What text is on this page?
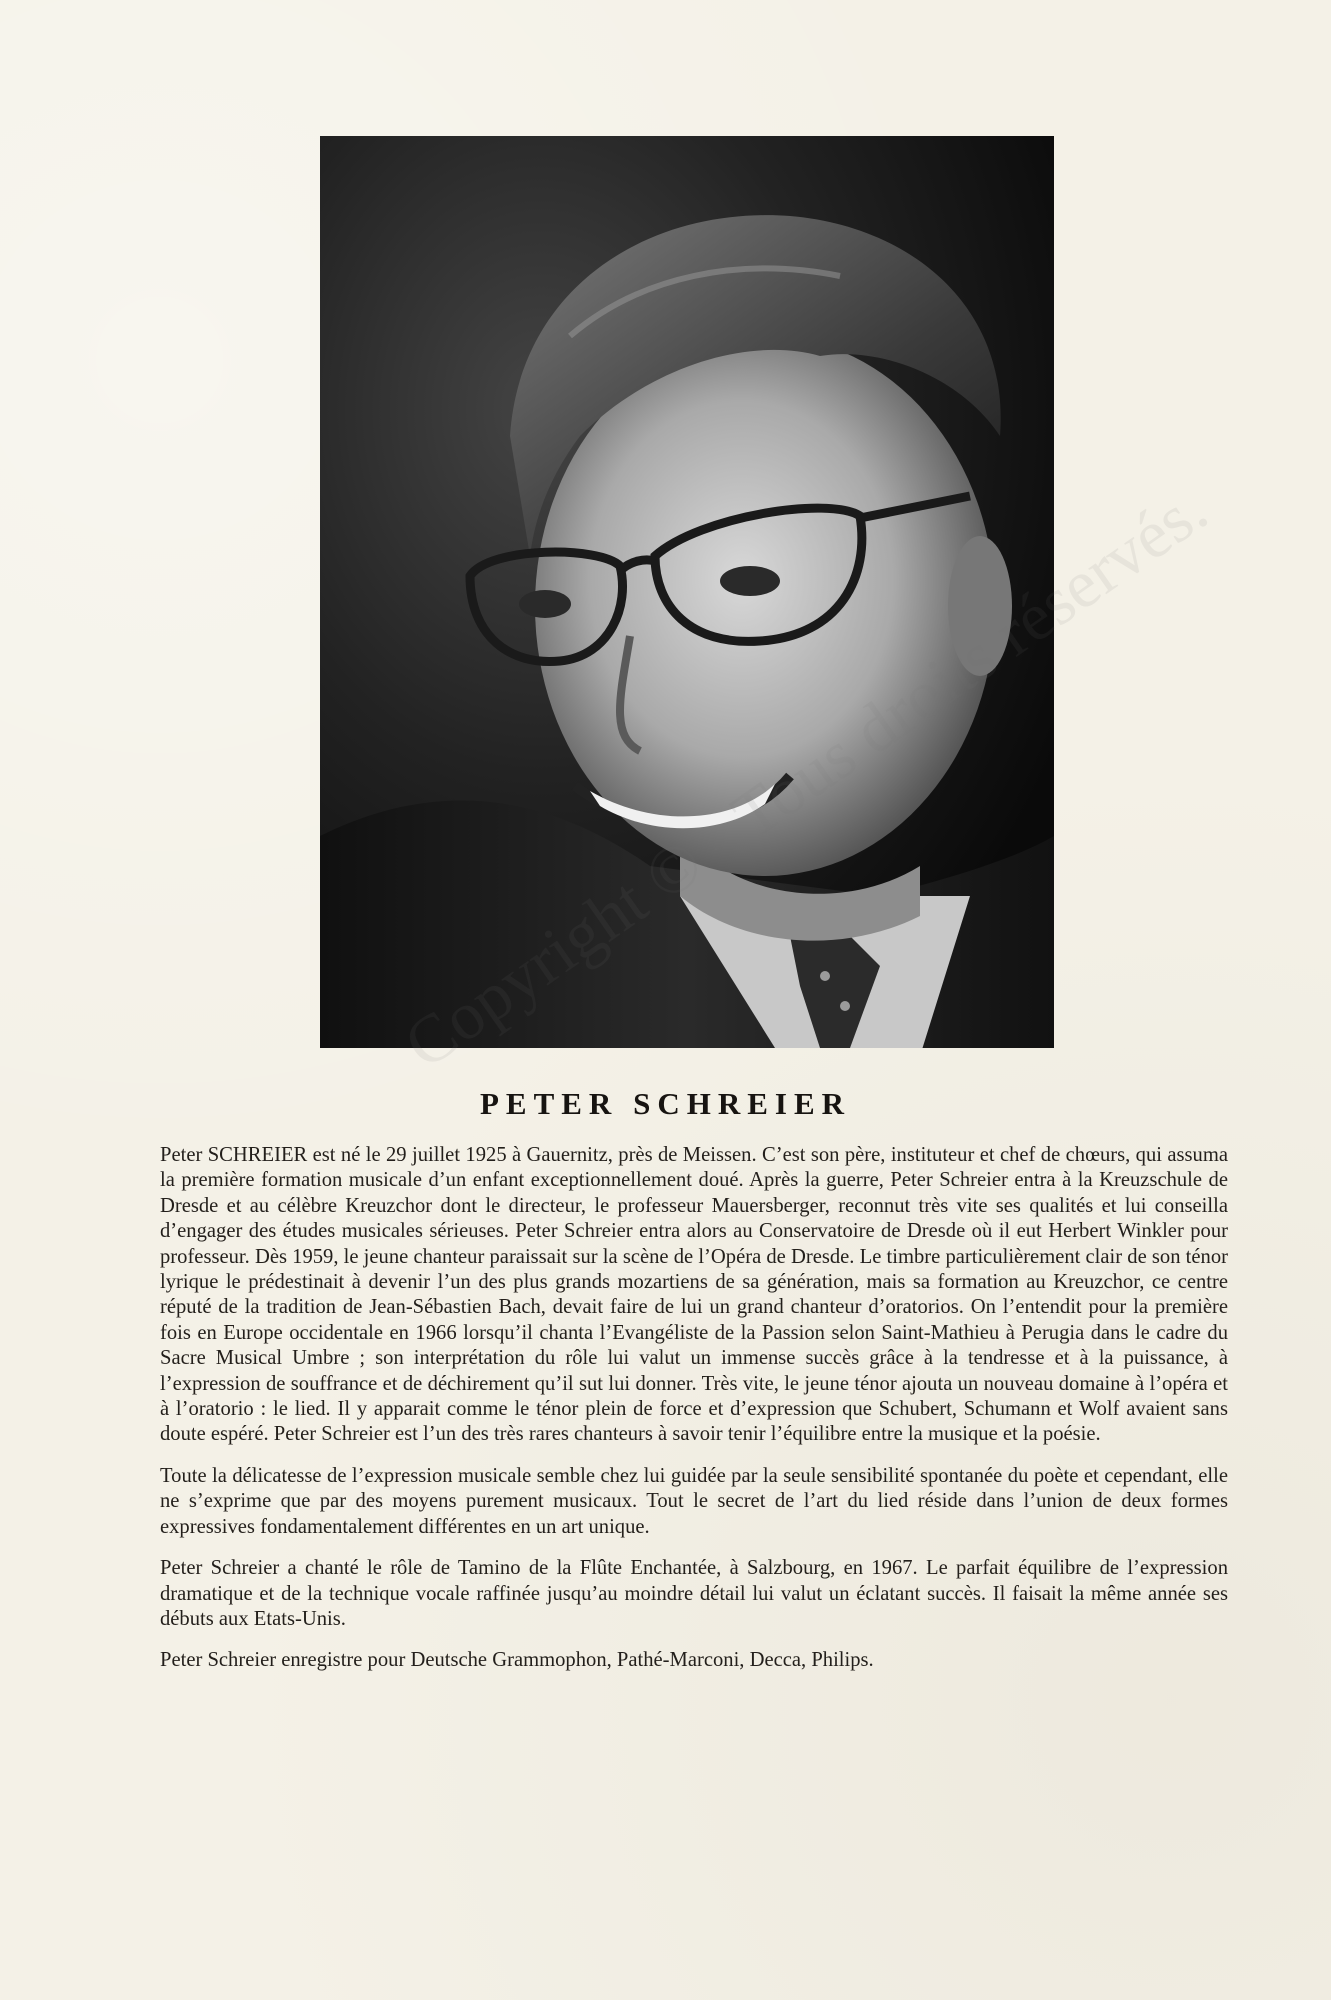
réservés.
PETER SCHREIER

Peter SCHREIER est né le 29 juillet 1925 à Gauernitz, près de Meissen. C’est son père, instituteur et chef de chœurs, qui assuma la première formation musicale d’un enfant exceptionnellement doué. Après la guerre, Peter Schreier entra à la Kreuzschule de Dresde et au célèbre Kreuzchor dont le directeur, le professeur Mauersberger, reconnut très vite ses qualités et lui conseilla d’engager des études musicales sérieuses. Peter Schreier entra alors au Conservatoire de Dresde où il eut Herbert Winkler pour professeur. Dès 1959, le jeune chanteur paraissait sur la scène de l’Opéra de Dresde. Le timbre particulièrement clair de son ténor lyrique le prédestinait à devenir l’un des plus grands mozartiens de sa génération, mais sa formation au Kreuzchor, ce centre réputé de la tradition de Jean-Sébastien Bach, devait faire de lui un grand chanteur d’oratorios. On l’entendit pour la première fois en Europe occidentale en 1966 lorsqu’il chanta l’Evangéliste de la Passion selon Saint-Mathieu à Perugia dans le cadre du Sacre Musical Umbre ; son interprétation du rôle lui valut un immense succès grâce à la tendresse et à la puissance, à l’expression de souffrance et de déchirement qu’il sut lui donner. Très vite, le jeune ténor ajouta un nouveau domaine à l’opéra et à l’oratorio : le lied. Il y apparait comme le ténor plein de force et d’expression que Schubert, Schumann et Wolf avaient sans doute espéré. Peter Schreier est l’un des très rares chanteurs à savoir tenir l’équilibre entre la musique et la poésie.

Toute la délicatesse de l’expression musicale semble chez lui guidée par la seule sensibilité spontanée du poète et cependant, elle ne s’exprime que par des moyens purement musicaux. Tout le secret de l’art du lied réside dans l’union de deux formes expressives fondamentalement différentes en un art unique.

Peter Schreier a chanté le rôle de Tamino de la Flûte Enchantée, à Salzbourg, en 1967. Le parfait équilibre de l’expression dramatique et de la technique vocale raffinée jusqu’au moindre détail lui valut un éclatant succès. Il faisait la même année ses débuts aux Etats-Unis.

Peter Schreier enregistre pour Deutsche Grammophon, Pathé-Marconi, Decca, Philips.
